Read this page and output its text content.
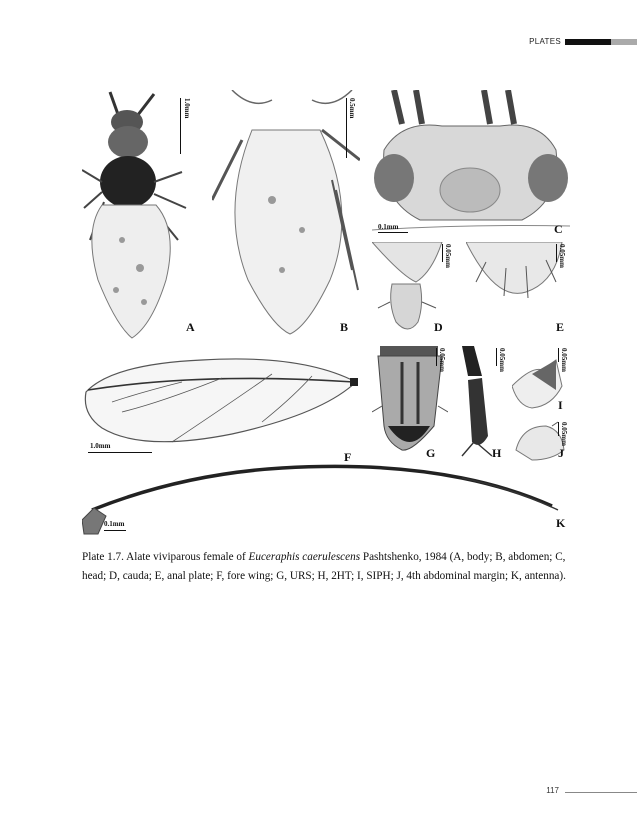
PLATES
1.0mm
A
0.5mm
B
0.1mm	C
0.05mm
D
0.05mm
E
1.0mm
F
0.05mm
G
0.05mm
H
0.05mm
I
0.05mm
J
0.1mm	K
Plate 1.7. Alate viviparous female of Euceraphis caerulescens Pashtshenko, 1984 (A, body; B, abdomen; C, head; D, cauda; E, anal plate; F, fore wing; G, URS; H, 2HT; I, SIPH; J, 4th abdominal margin; K, antenna).
117
